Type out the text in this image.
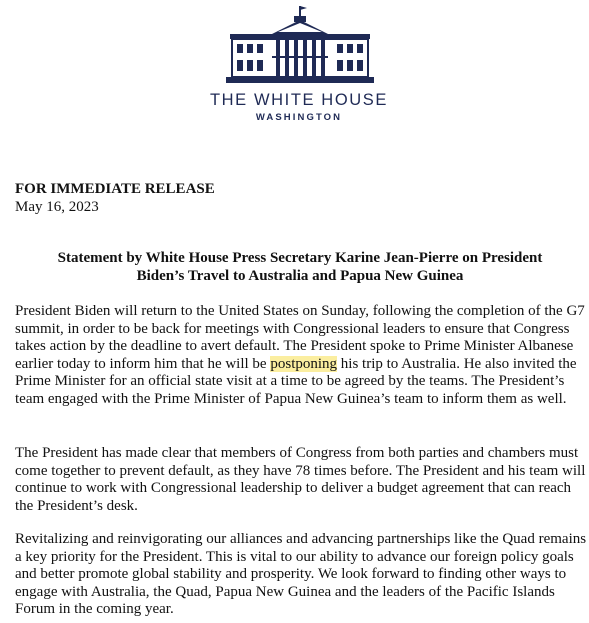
THE WHITE HOUSE
WASHINGTON
FOR IMMEDIATE RELEASE
May 16, 2023
Statement by White House Press Secretary Karine Jean-Pierre on President
Biden’s Travel to Australia and Papua New Guinea

President Biden will return to the United States on Sunday, following the completion of the G7 summit, in order to be back for meetings with Congressional leaders to ensure that Congress takes action by the deadline to avert default. The President spoke to Prime Minister Albanese earlier today to inform him that he will be postponing his trip to Australia. He also invited the Prime Minister for an official state visit at a time to be agreed by the teams. The President’s team engaged with the Prime Minister of Papua New Guinea’s team to inform them as well.

The President has made clear that members of Congress from both parties and chambers must come together to prevent default, as they have 78 times before. The President and his team will continue to work with Congressional leadership to deliver a budget agreement that can reach the President’s desk.

Revitalizing and reinvigorating our alliances and advancing partnerships like the Quad remains a key priority for the President. This is vital to our ability to advance our foreign policy goals and better promote global stability and prosperity. We look forward to finding other ways to engage with Australia, the Quad, Papua New Guinea and the leaders of the Pacific Islands Forum in the coming year.
